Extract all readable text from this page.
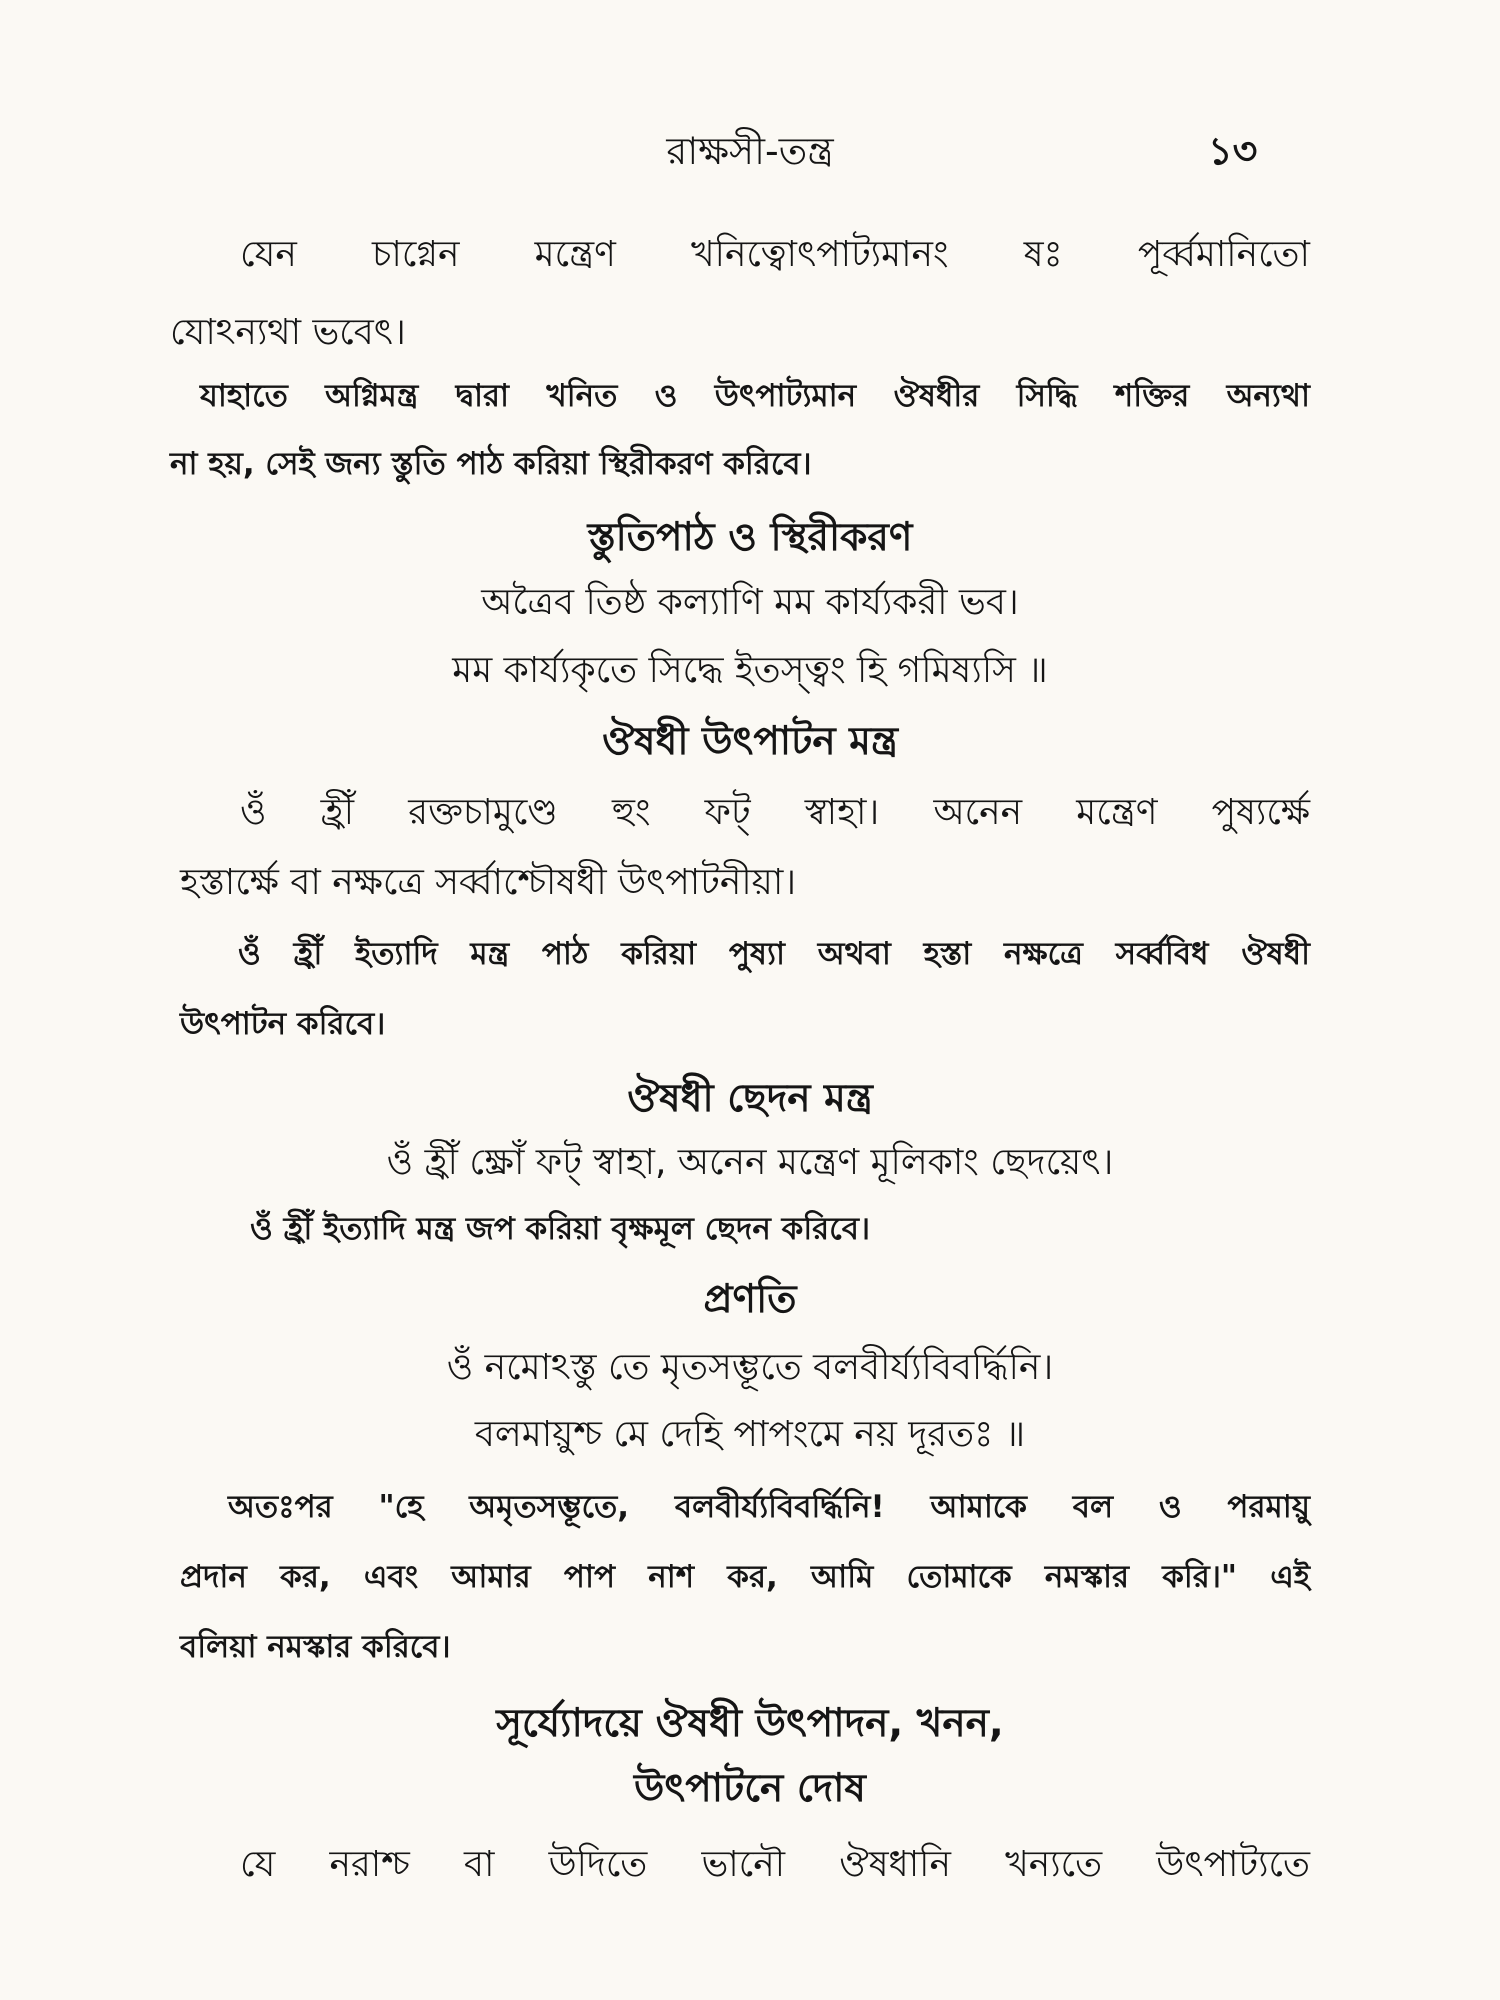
রাক্ষসী-তন্ত্র	১৩
যেন চাগ্নেন মন্ত্রেণ খনিত্বোৎপাট্যমানং ষঃ পূর্ব্বমানিতো
যোঽন্যথা ভবেৎ।
যাহাতে অগ্নিমন্ত্র দ্বারা খনিত ও উৎপাট্যমান ঔষধীর সিদ্ধি শক্তির অন্যথা
না হয়, সেই জন্য স্তুতি পাঠ করিয়া স্থিরীকরণ করিবে।
স্তুতিপাঠ ও স্থিরীকরণ
অত্রৈব তিষ্ঠ কল্যাণি মম কার্য্যকরী ভব।
মম কার্য্যকৃতে সিদ্ধে ইতস্ত্বং হি গমিষ্যসি ॥
ঔষধী উৎপাটন মন্ত্র
ওঁ হ্রীঁ রক্তচামুণ্ডে হুং ফট্ স্বাহা। অনেন মন্ত্রেণ পুষ্যর্ক্ষে
হস্তার্ক্ষে বা নক্ষত্রে সর্ব্বাশ্চৌষধী উৎপাটনীয়া।
ওঁ হ্রীঁ ইত্যাদি মন্ত্র পাঠ করিয়া পুষ্যা অথবা হস্তা নক্ষত্রে সর্ব্ববিধ ঔষধী
উৎপাটন করিবে।
ঔষধী ছেদন মন্ত্র
ওঁ হ্রীঁ ক্ষ্রোঁ ফট্ স্বাহা, অনেন মন্ত্রেণ মূলিকাং ছেদয়েৎ।
ওঁ হ্রীঁ ইত্যাদি মন্ত্র জপ করিয়া বৃক্ষমূল ছেদন করিবে।
প্রণতি
ওঁ নমোঽস্তু তে মৃতসম্ভূতে বলবীর্য্যবিবর্দ্ধিনি।
বলমায়ুশ্চ মে দেহি পাপংমে নয় দূরতঃ ॥
অতঃপর "হে অমৃতসম্ভূতে, বলবীর্য্যবিবর্দ্ধিনি! আমাকে বল ও পরমায়ু
প্রদান কর, এবং আমার পাপ নাশ কর, আমি তোমাকে নমস্কার করি।" এই
বলিয়া নমস্কার করিবে।
সূর্য্যোদয়ে ঔষধী উৎপাদন, খনন,
উৎপাটনে দোষ
যে নরাশ্চ বা উদিতে ভানৌ ঔষধানি খন্যতে উৎপাট্যতে
